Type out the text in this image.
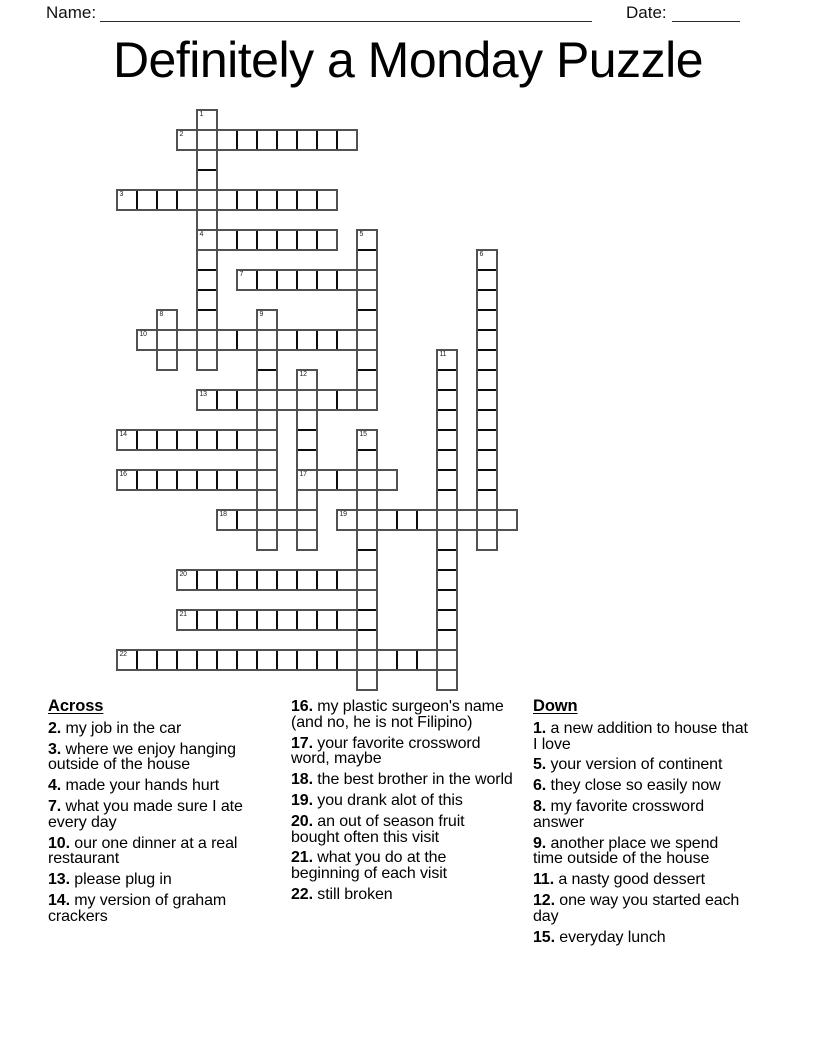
Name:	Date:
Definitely a Monday Puzzle
1
4
2
3
5
6
7
8	9
10
11
12
17
13
14	15
16
18	19
20
21
22

Across

2. my job in the car

3. where we enjoy hanging outside of the house

4. made your hands hurt

7. what you made sure I ate every day

10. our one dinner at a real restaurant

13. please plug in

14. my version of graham crackers

16. my plastic surgeon's name (and no, he is not Filipino)

17. your favorite crossword word, maybe

18. the best brother in the world

19. you drank alot of this

20. an out of season fruit bought often this visit

21. what you do at the beginning of each visit

22. still broken

Down

1. a new addition to house that I love

5. your version of continent

6. they close so easily now

8. my favorite crossword answer

9. another place we spend time outside of the house

11. a nasty good dessert

12. one way you started each day

15. everyday lunch
